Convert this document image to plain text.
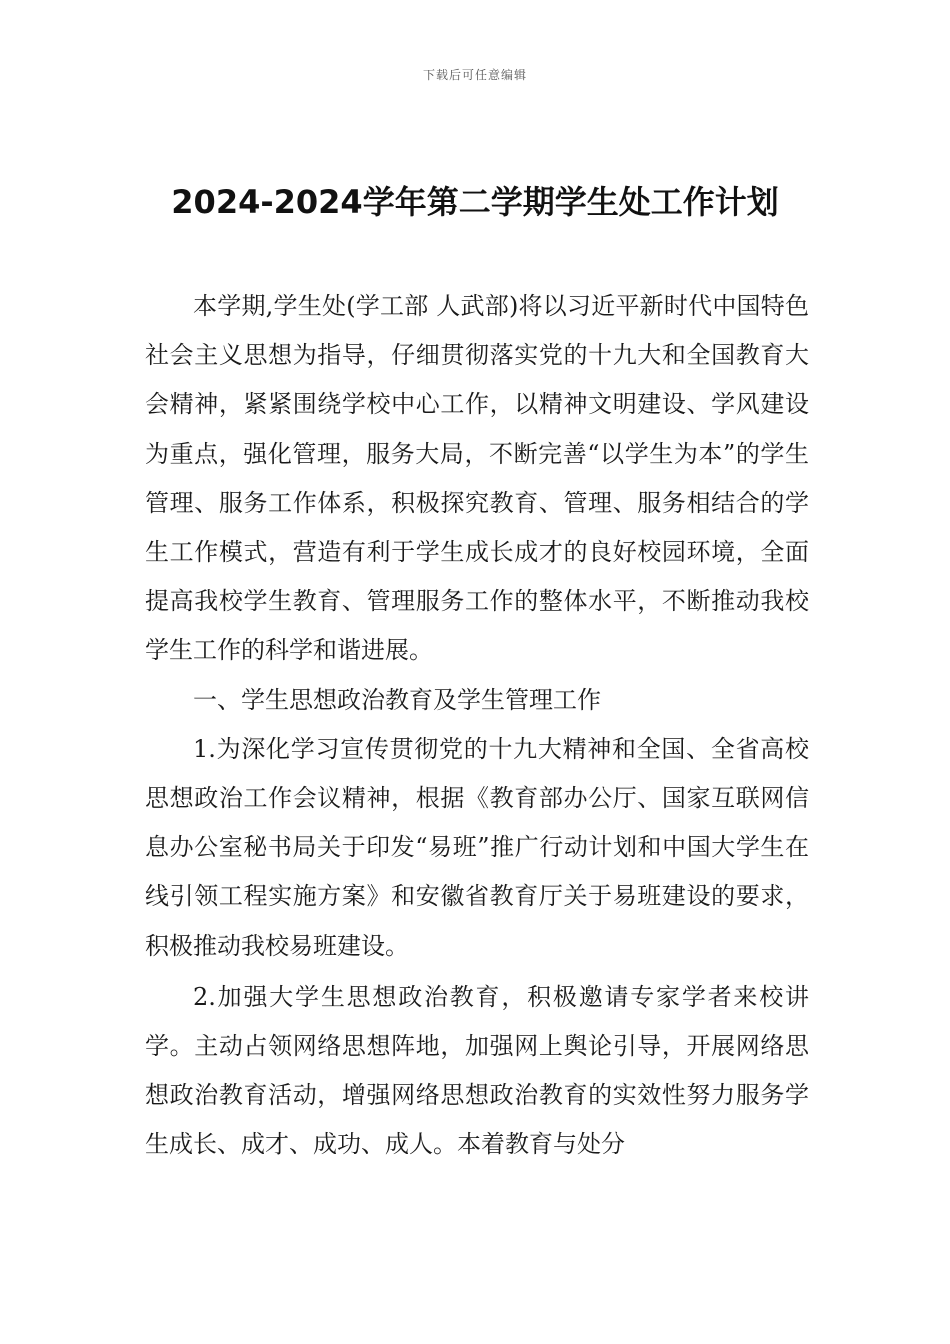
下载后可任意编辑
2024-2024学年第二学期学生处工作计划

本学期,学生处(学工部 人武部)将以习近平新时代中国特色社会主义思想为指导，仔细贯彻落实党的十九大和全国教育大会精神，紧紧围绕学校中心工作，以精神文明建设、学风建设为重点，强化管理，服务大局，不断完善“以学生为本”的学生管理、服务工作体系，积极探究教育、管理、服务相结合的学生工作模式，营造有利于学生成长成才的良好校园环境，全面提高我校学生教育、管理服务工作的整体水平，不断推动我校学生工作的科学和谐进展。

一、学生思想政治教育及学生管理工作

1.为深化学习宣传贯彻党的十九大精神和全国、全省高校思想政治工作会议精神，根据《教育部办公厅、国家互联网信息办公室秘书局关于印发“易班”推广行动计划和中国大学生在线引领工程实施方案》和安徽省教育厅关于易班建设的要求，积极推动我校易班建设。

2.加强大学生思想政治教育，积极邀请专家学者来校讲学。主动占领网络思想阵地，加强网上舆论引导，开展网络思想政治教育活动，增强网络思想政治教育的实效性努力服务学生成长、成才、成功、成人。本着教育与处分
